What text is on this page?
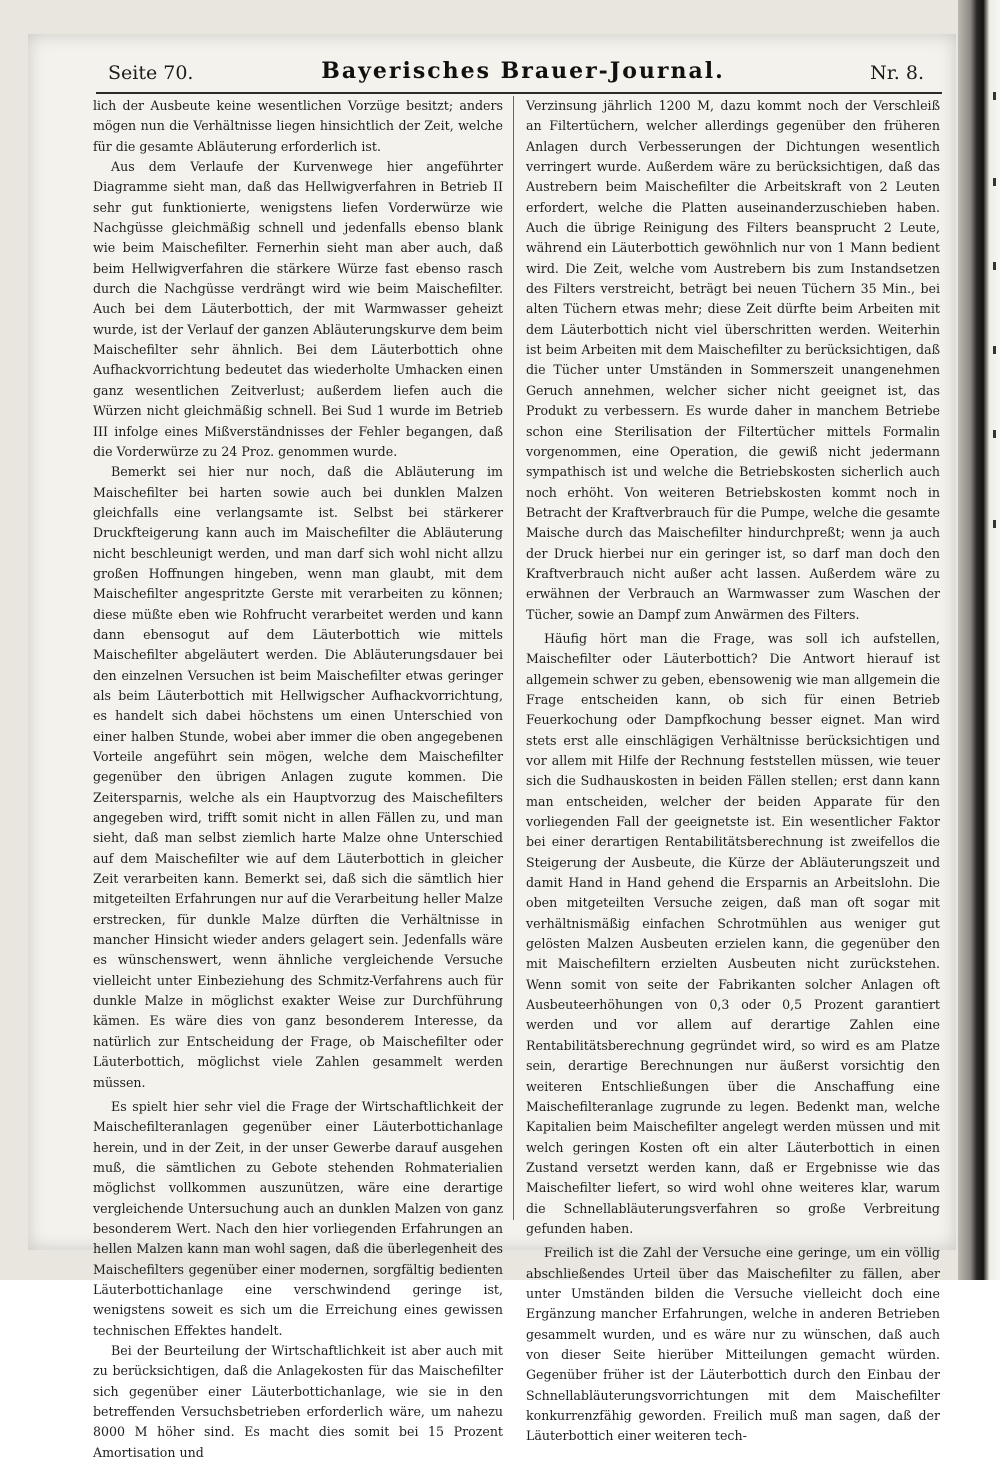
Seite 70.	Bayerisches Brauer-Journal.	Nr. 8.

lich der Ausbeute keine wesentlichen Vorzüge besitzt; anders mögen nun die Verhältnisse liegen hinsichtlich der Zeit, welche für die gesamte Abläuterung erforderlich ist.

Aus dem Verlaufe der Kurvenwege hier angeführter Diagramme sieht man, daß das Hellwigverfahren in Betrieb II sehr gut funktionierte, wenigstens liefen Vorderwürze wie Nachgüsse gleichmäßig schnell und jedenfalls ebenso blank wie beim Maischefilter. Fernerhin sieht man aber auch, daß beim Hellwigverfahren die stärkere Würze fast ebenso rasch durch die Nachgüsse verdrängt wird wie beim Maischefilter. Auch bei dem Läuterbottich, der mit Warmwasser geheizt wurde, ist der Verlauf der ganzen Abläuterungskurve dem beim Maischefilter sehr ähnlich. Bei dem Läuterbottich ohne Aufhackvorrichtung bedeutet das wiederholte Umhacken einen ganz wesentlichen Zeitverlust; außerdem liefen auch die Würzen nicht gleichmäßig schnell. Bei Sud 1 wurde im Betrieb III infolge eines Mißverständnisses der Fehler begangen, daß die Vorderwürze zu 24 Proz. genommen wurde.

Bemerkt sei hier nur noch, daß die Abläuterung im Maischefilter bei harten sowie auch bei dunklen Malzen gleichfalls eine verlangsamte ist. Selbst bei stärkerer Druckfteigerung kann auch im Maischefilter die Abläuterung nicht beschleunigt werden, und man darf sich wohl nicht allzu großen Hoffnungen hingeben, wenn man glaubt, mit dem Maischefilter angespritzte Gerste mit verarbeiten zu können; diese müßte eben wie Rohfrucht verarbeitet werden und kann dann ebensogut auf dem Läuterbottich wie mittels Maischefilter abgeläutert werden. Die Abläuterungsdauer bei den einzelnen Versuchen ist beim Maischefilter etwas geringer als beim Läuterbottich mit Hellwigscher Aufhackvorrichtung, es handelt sich dabei höchstens um einen Unterschied von einer halben Stunde, wobei aber immer die oben angegebenen Vorteile angeführt sein mögen, welche dem Maischefilter gegenüber den übrigen Anlagen zugute kommen. Die Zeitersparnis, welche als ein Hauptvorzug des Maischefilters angegeben wird, trifft somit nicht in allen Fällen zu, und man sieht, daß man selbst ziemlich harte Malze ohne Unterschied auf dem Maischefilter wie auf dem Läuterbottich in gleicher Zeit verarbeiten kann. Bemerkt sei, daß sich die sämtlich hier mitgeteilten Erfahrungen nur auf die Verarbeitung heller Malze erstrecken, für dunkle Malze dürften die Verhältnisse in mancher Hinsicht wieder anders gelagert sein. Jedenfalls wäre es wünschenswert, wenn ähnliche vergleichende Versuche vielleicht unter Einbeziehung des Schmitz-Verfahrens auch für dunkle Malze in möglichst exakter Weise zur Durchführung kämen. Es wäre dies von ganz besonderem Interesse, da natürlich zur Entscheidung der Frage, ob Maischefilter oder Läuterbottich, möglichst viele Zahlen gesammelt werden müssen.

Es spielt hier sehr viel die Frage der Wirtschaftlichkeit der Maischefilteranlagen gegenüber einer Läuterbottichanlage herein, und in der Zeit, in der unser Gewerbe darauf ausgehen muß, die sämtlichen zu Gebote stehenden Rohmaterialien möglichst vollkommen auszunützen, wäre eine derartige vergleichende Untersuchung auch an dunklen Malzen von ganz besonderem Wert. Nach den hier vorliegenden Erfahrungen an hellen Malzen kann man wohl sagen, daß die überlegenheit des Maischefilters gegenüber einer modernen, sorgfältig bedienten Läuterbottichanlage eine verschwindend geringe ist, wenigstens soweit es sich um die Erreichung eines gewissen technischen Effektes handelt.

Bei der Beurteilung der Wirtschaftlichkeit ist aber auch mit zu berücksichtigen, daß die Anlagekosten für das Maischefilter sich gegenüber einer Läuterbottichanlage, wie sie in den betreffenden Versuchsbetrieben erforderlich wäre, um nahezu 8000 M höher sind. Es macht dies somit bei 15 Prozent Amortisation und

Verzinsung jährlich 1200 M, dazu kommt noch der Verschleiß an Filtertüchern, welcher allerdings gegenüber den früheren Anlagen durch Verbesserungen der Dichtungen wesentlich verringert wurde. Außerdem wäre zu berücksichtigen, daß das Austrebern beim Maischefilter die Arbeitskraft von 2 Leuten erfordert, welche die Platten auseinanderzuschieben haben. Auch die übrige Reinigung des Filters beansprucht 2 Leute, während ein Läuterbottich gewöhnlich nur von 1 Mann bedient wird. Die Zeit, welche vom Austrebern bis zum Instandsetzen des Filters verstreicht, beträgt bei neuen Tüchern 35 Min., bei alten Tüchern etwas mehr; diese Zeit dürfte beim Arbeiten mit dem Läuterbottich nicht viel überschritten werden. Weiterhin ist beim Arbeiten mit dem Maischefilter zu berücksichtigen, daß die Tücher unter Umständen in Sommerszeit unangenehmen Geruch annehmen, welcher sicher nicht geeignet ist, das Produkt zu verbessern. Es wurde daher in manchem Betriebe schon eine Sterilisation der Filtertücher mittels Formalin vorgenommen, eine Operation, die gewiß nicht jedermann sympathisch ist und welche die Betriebskosten sicherlich auch noch erhöht. Von weiteren Betriebskosten kommt noch in Betracht der Kraftverbrauch für die Pumpe, welche die gesamte Maische durch das Maischefilter hindurchpreßt; wenn ja auch der Druck hierbei nur ein geringer ist, so darf man doch den Kraftverbrauch nicht außer acht lassen. Außerdem wäre zu erwähnen der Verbrauch an Warmwasser zum Waschen der Tücher, sowie an Dampf zum Anwärmen des Filters.

Häufig hört man die Frage, was soll ich aufstellen, Maischefilter oder Läuterbottich? Die Antwort hierauf ist allgemein schwer zu geben, ebensowenig wie man allgemein die Frage entscheiden kann, ob sich für einen Betrieb Feuerkochung oder Dampfkochung besser eignet. Man wird stets erst alle einschlägigen Verhältnisse berücksichtigen und vor allem mit Hilfe der Rechnung feststellen müssen, wie teuer sich die Sudhauskosten in beiden Fällen stellen; erst dann kann man entscheiden, welcher der beiden Apparate für den vorliegenden Fall der geeignetste ist. Ein wesentlicher Faktor bei einer derartigen Rentabilitätsberechnung ist zweifellos die Steigerung der Ausbeute, die Kürze der Abläuterungszeit und damit Hand in Hand gehend die Ersparnis an Arbeitslohn. Die oben mitgeteilten Versuche zeigen, daß man oft sogar mit verhältnismäßig einfachen Schrotmühlen aus weniger gut gelösten Malzen Ausbeuten erzielen kann, die gegenüber den mit Maischefiltern erzielten Ausbeuten nicht zurückstehen. Wenn somit von seite der Fabrikanten solcher Anlagen oft Ausbeuteerhöhungen von 0,3 oder 0,5 Prozent garantiert werden und vor allem auf derartige Zahlen eine Rentabilitätsberechnung gegründet wird, so wird es am Platze sein, derartige Berechnungen nur äußerst vorsichtig den weiteren Entschließungen über die Anschaffung eine Maischefilteranlage zugrunde zu legen. Bedenkt man, welche Kapitalien beim Maischefilter angelegt werden müssen und mit welch geringen Kosten oft ein alter Läuterbottich in einen Zustand versetzt werden kann, daß er Ergebnisse wie das Maischefilter liefert, so wird wohl ohne weiteres klar, warum die Schnellabläuterungsverfahren so große Verbreitung gefunden haben.

Freilich ist die Zahl der Versuche eine geringe, um ein völlig abschließendes Urteil über das Maischefilter zu fällen, aber unter Umständen bilden die Versuche vielleicht doch eine Ergänzung mancher Erfahrungen, welche in anderen Betrieben gesammelt wurden, und es wäre nur zu wünschen, daß auch von dieser Seite hierüber Mitteilungen gemacht würden. Gegenüber früher ist der Läuterbottich durch den Einbau der Schnellabläuterungsvorrichtungen mit dem Maischefilter konkurrenzfähig geworden. Freilich muß man sagen, daß der Läuterbottich einer weiteren tech-
